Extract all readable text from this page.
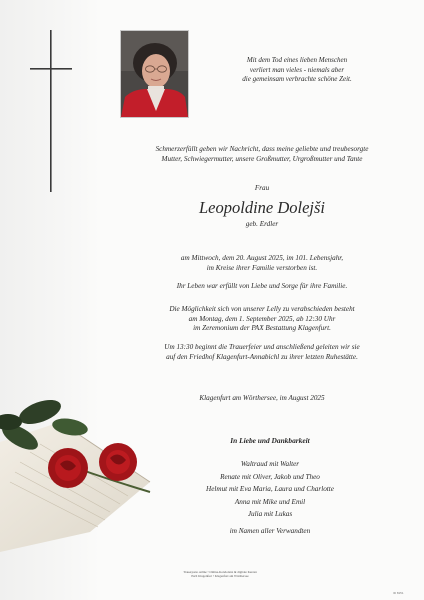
Mit dem Tod eines lieben Menschen
verliert man vieles - niemals aber
die gemeinsam verbrachte schöne Zeit.
Schmerzerfüllt geben wir Nachricht, dass meine geliebte und treubesorgte
Mutter, Schwiegermutter, unsere Großmutter, Urgroßmutter und Tante
Frau
Leopoldine Dolejši
geb. Erdler
am Mittwoch, dem 20. August 2025, im 101. Lebensjahr,
im Kreise ihrer Familie verstorben ist.
Ihr Leben war erfüllt von Liebe und Sorge für ihre Familie.
Die Möglichkeit sich von unserer Lelly zu verabschieden besteht
am Montag, dem 1. September 2025, ab 12:30 Uhr
im Zeremonium der PAX Bestattung Klagenfurt.
Um 13:30 beginnt die Trauerfeier und anschließend geleiten wir sie
auf den Friedhof Klagenfurt-Annabichl zu ihrer letzten Ruhestätte.
Klagenfurt am Wörthersee, im August 2025
In Liebe und Dankbarkeit
Waltraud mit Walter
Renate mit Oliver, Jakob und Theo
Helmut mit Eva Maria, Laura und Charlotte
Anna mit Mike und Emil
Julia mit Lukas
im Namen aller Verwandten
Trauerparte online • Online-Kondolenz & digitale Kerzen
PAX Klagenfurt • Klagenfurt am Wörthersee
ID 8151
